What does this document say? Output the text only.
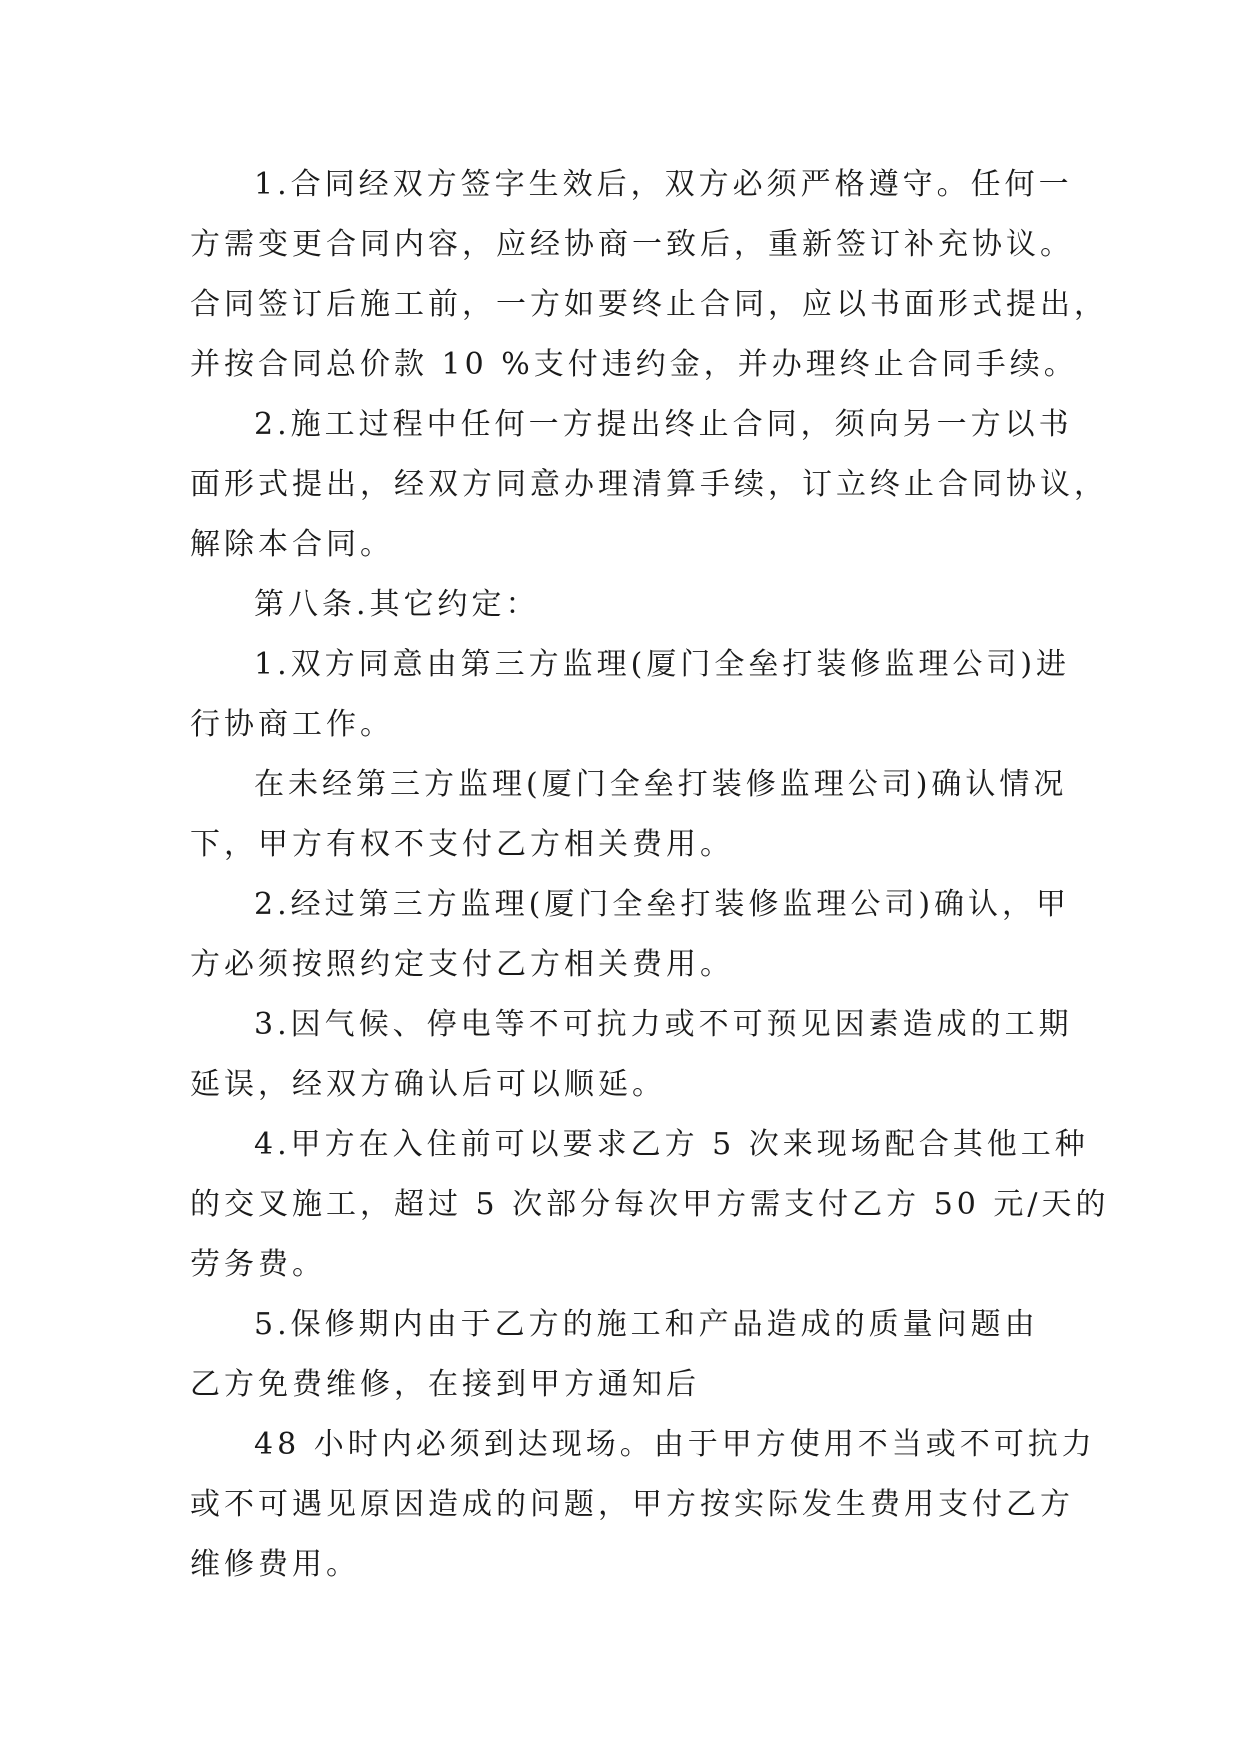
1.合同经双方签字生效后，双方必须严格遵守。任何一
方需变更合同内容，应经协商一致后，重新签订补充协议。
合同签订后施工前，一方如要终止合同，应以书面形式提出，
并按合同总价款 10 %支付违约金，并办理终止合同手续。
2.施工过程中任何一方提出终止合同，须向另一方以书
面形式提出，经双方同意办理清算手续，订立终止合同协议，
解除本合同。
第八条.其它约定：
1.双方同意由第三方监理(厦门全垒打装修监理公司)进
行协商工作。
在未经第三方监理(厦门全垒打装修监理公司)确认情况
下，甲方有权不支付乙方相关费用。
2.经过第三方监理(厦门全垒打装修监理公司)确认，甲
方必须按照约定支付乙方相关费用。
3.因气候、停电等不可抗力或不可预见因素造成的工期
延误，经双方确认后可以顺延。
4.甲方在入住前可以要求乙方 5 次来现场配合其他工种
的交叉施工，超过 5 次部分每次甲方需支付乙方 50 元/天的
劳务费。
5.保修期内由于乙方的施工和产品造成的质量问题由
乙方免费维修，在接到甲方通知后
48 小时内必须到达现场。由于甲方使用不当或不可抗力
或不可遇见原因造成的问题，甲方按实际发生费用支付乙方
维修费用。
